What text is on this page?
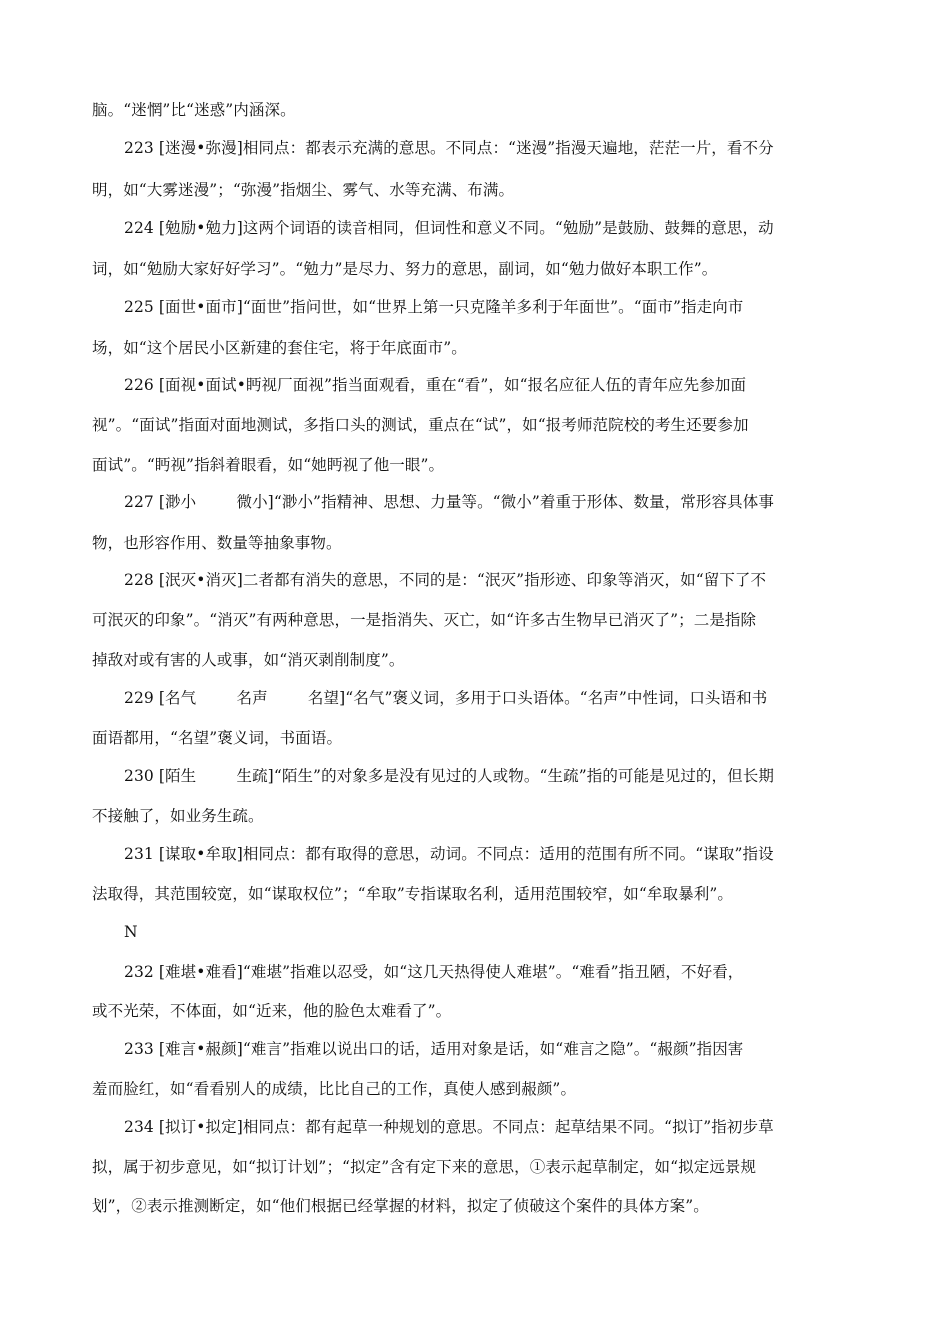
脑。“迷惘”比“迷惑”内涵深。
223 [迷漫•弥漫]相同点：都表示充满的意思。不同点：“迷漫”指漫天遍地，茫茫一片，看不分
明，如“大雾迷漫”；“弥漫”指烟尘、雾气、水等充满、布满。
224 [勉励•勉力]这两个词语的读音相同，但词性和意义不同。“勉励”是鼓励、鼓舞的意思，动
词，如“勉励大家好好学习”。“勉力”是尽力、努力的意思，副词，如“勉力做好本职工作”。
225 [面世•面市]“面世”指问世，如“世界上第一只克隆羊多利于年面世”。“面市”指走向市
场，如“这个居民小区新建的套住宅，将于年底面市”。
226 [面视•面试•眄视厂面视”指当面观看，重在“看”，如“报名应征人伍的青年应先参加面
视”。“面试”指面对面地测试，多指口头的测试，重点在“试”，如“报考师范院校的考生还要参加
面试”。“眄视”指斜着眼看，如“她眄视了他一眼”。
227 [渺小        微小]“渺小”指精神、思想、力量等。“微小”着重于形体、数量，常形容具体事
物，也形容作用、数量等抽象事物。
228 [泯灭•消灭]二者都有消失的意思，不同的是：“泯灭”指形迹、印象等消灭，如“留下了不
可泯灭的印象”。“消灭”有两种意思，一是指消失、灭亡，如“许多古生物早已消灭了”；二是指除
掉敌对或有害的人或事，如“消灭剥削制度”。
229 [名气        名声        名望]“名气”褒义词，多用于口头语体。“名声”中性词，口头语和书
面语都用，“名望”褒义词，书面语。
230 [陌生        生疏]“陌生”的对象多是没有见过的人或物。“生疏”指的可能是见过的，但长期
不接触了，如业务生疏。
231 [谋取•牟取]相同点：都有取得的意思，动词。不同点：适用的范围有所不同。“谋取”指设
法取得，其范围较宽，如“谋取权位”；“牟取”专指谋取名利，适用范围较窄，如“牟取暴利”。
N
232 [难堪•难看]“难堪”指难以忍受，如“这几天热得使人难堪”。“难看”指丑陋，不好看，
或不光荣，不体面，如“近来，他的脸色太难看了”。
233 [难言•赧颜]“难言”指难以说出口的话，适用对象是话，如“难言之隐”。“赧颜”指因害
羞而脸红，如“看看别人的成绩，比比自己的工作，真使人感到赧颜”。
234 [拟订•拟定]相同点：都有起草一种规划的意思。不同点：起草结果不同。“拟订”指初步草
拟，属于初步意见，如“拟订计划”；“拟定”含有定下来的意思，①表示起草制定，如“拟定远景规
划”，②表示推测断定，如“他们根据已经掌握的材料，拟定了侦破这个案件的具体方案”。
